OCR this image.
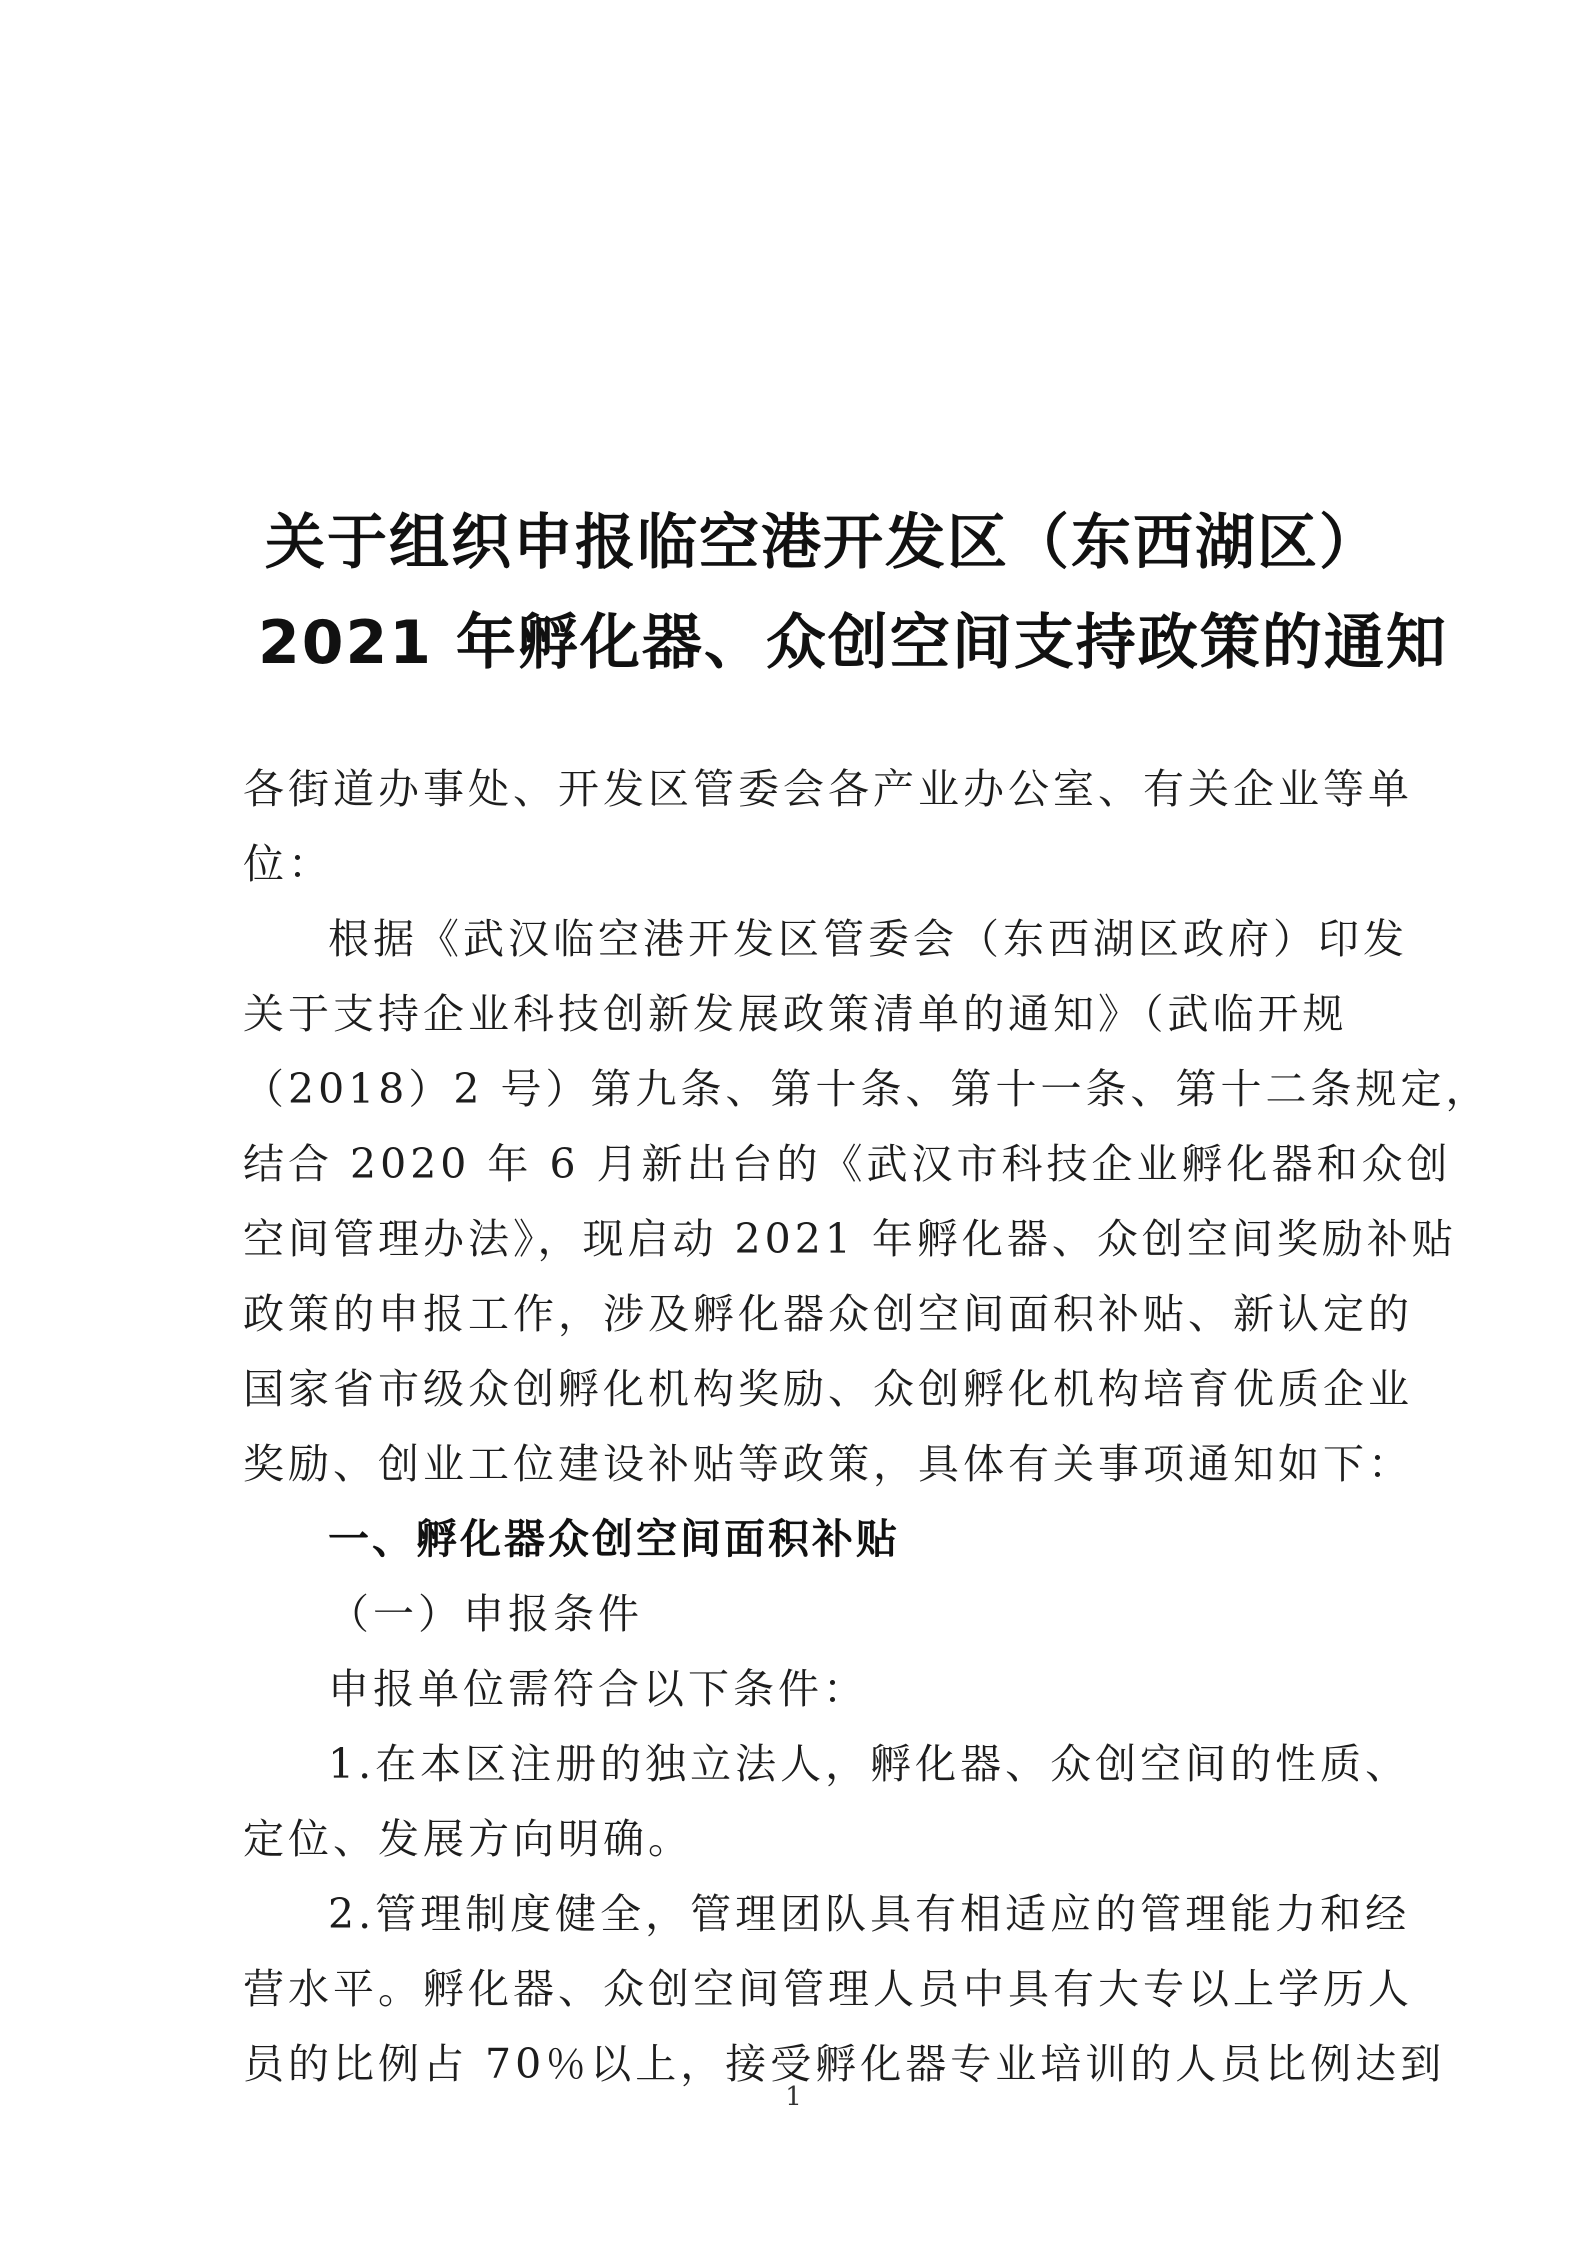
关于组织申报临空港开发区（东西湖区）
2021 年孵化器、众创空间支持政策的通知
各街道办事处、开发区管委会各产业办公室、有关企业等单
位：
根据《武汉临空港开发区管委会（东西湖区政府）印发
关于支持企业科技创新发展政策清单的通知》（武临开规
（2018）2 号）第九条、第十条、第十一条、第十二条规定，
结合 2020 年 6 月新出台的《武汉市科技企业孵化器和众创
空间管理办法》，现启动 2021 年孵化器、众创空间奖励补贴
政策的申报工作，涉及孵化器众创空间面积补贴、新认定的
国家省市级众创孵化机构奖励、众创孵化机构培育优质企业
奖励、创业工位建设补贴等政策，具体有关事项通知如下：
一、孵化器众创空间面积补贴
（一）申报条件
申报单位需符合以下条件：
1.在本区注册的独立法人，孵化器、众创空间的性质、
定位、发展方向明确。
2.管理制度健全，管理团队具有相适应的管理能力和经
营水平。孵化器、众创空间管理人员中具有大专以上学历人
员的比例占 70％以上，接受孵化器专业培训的人员比例达到
1
